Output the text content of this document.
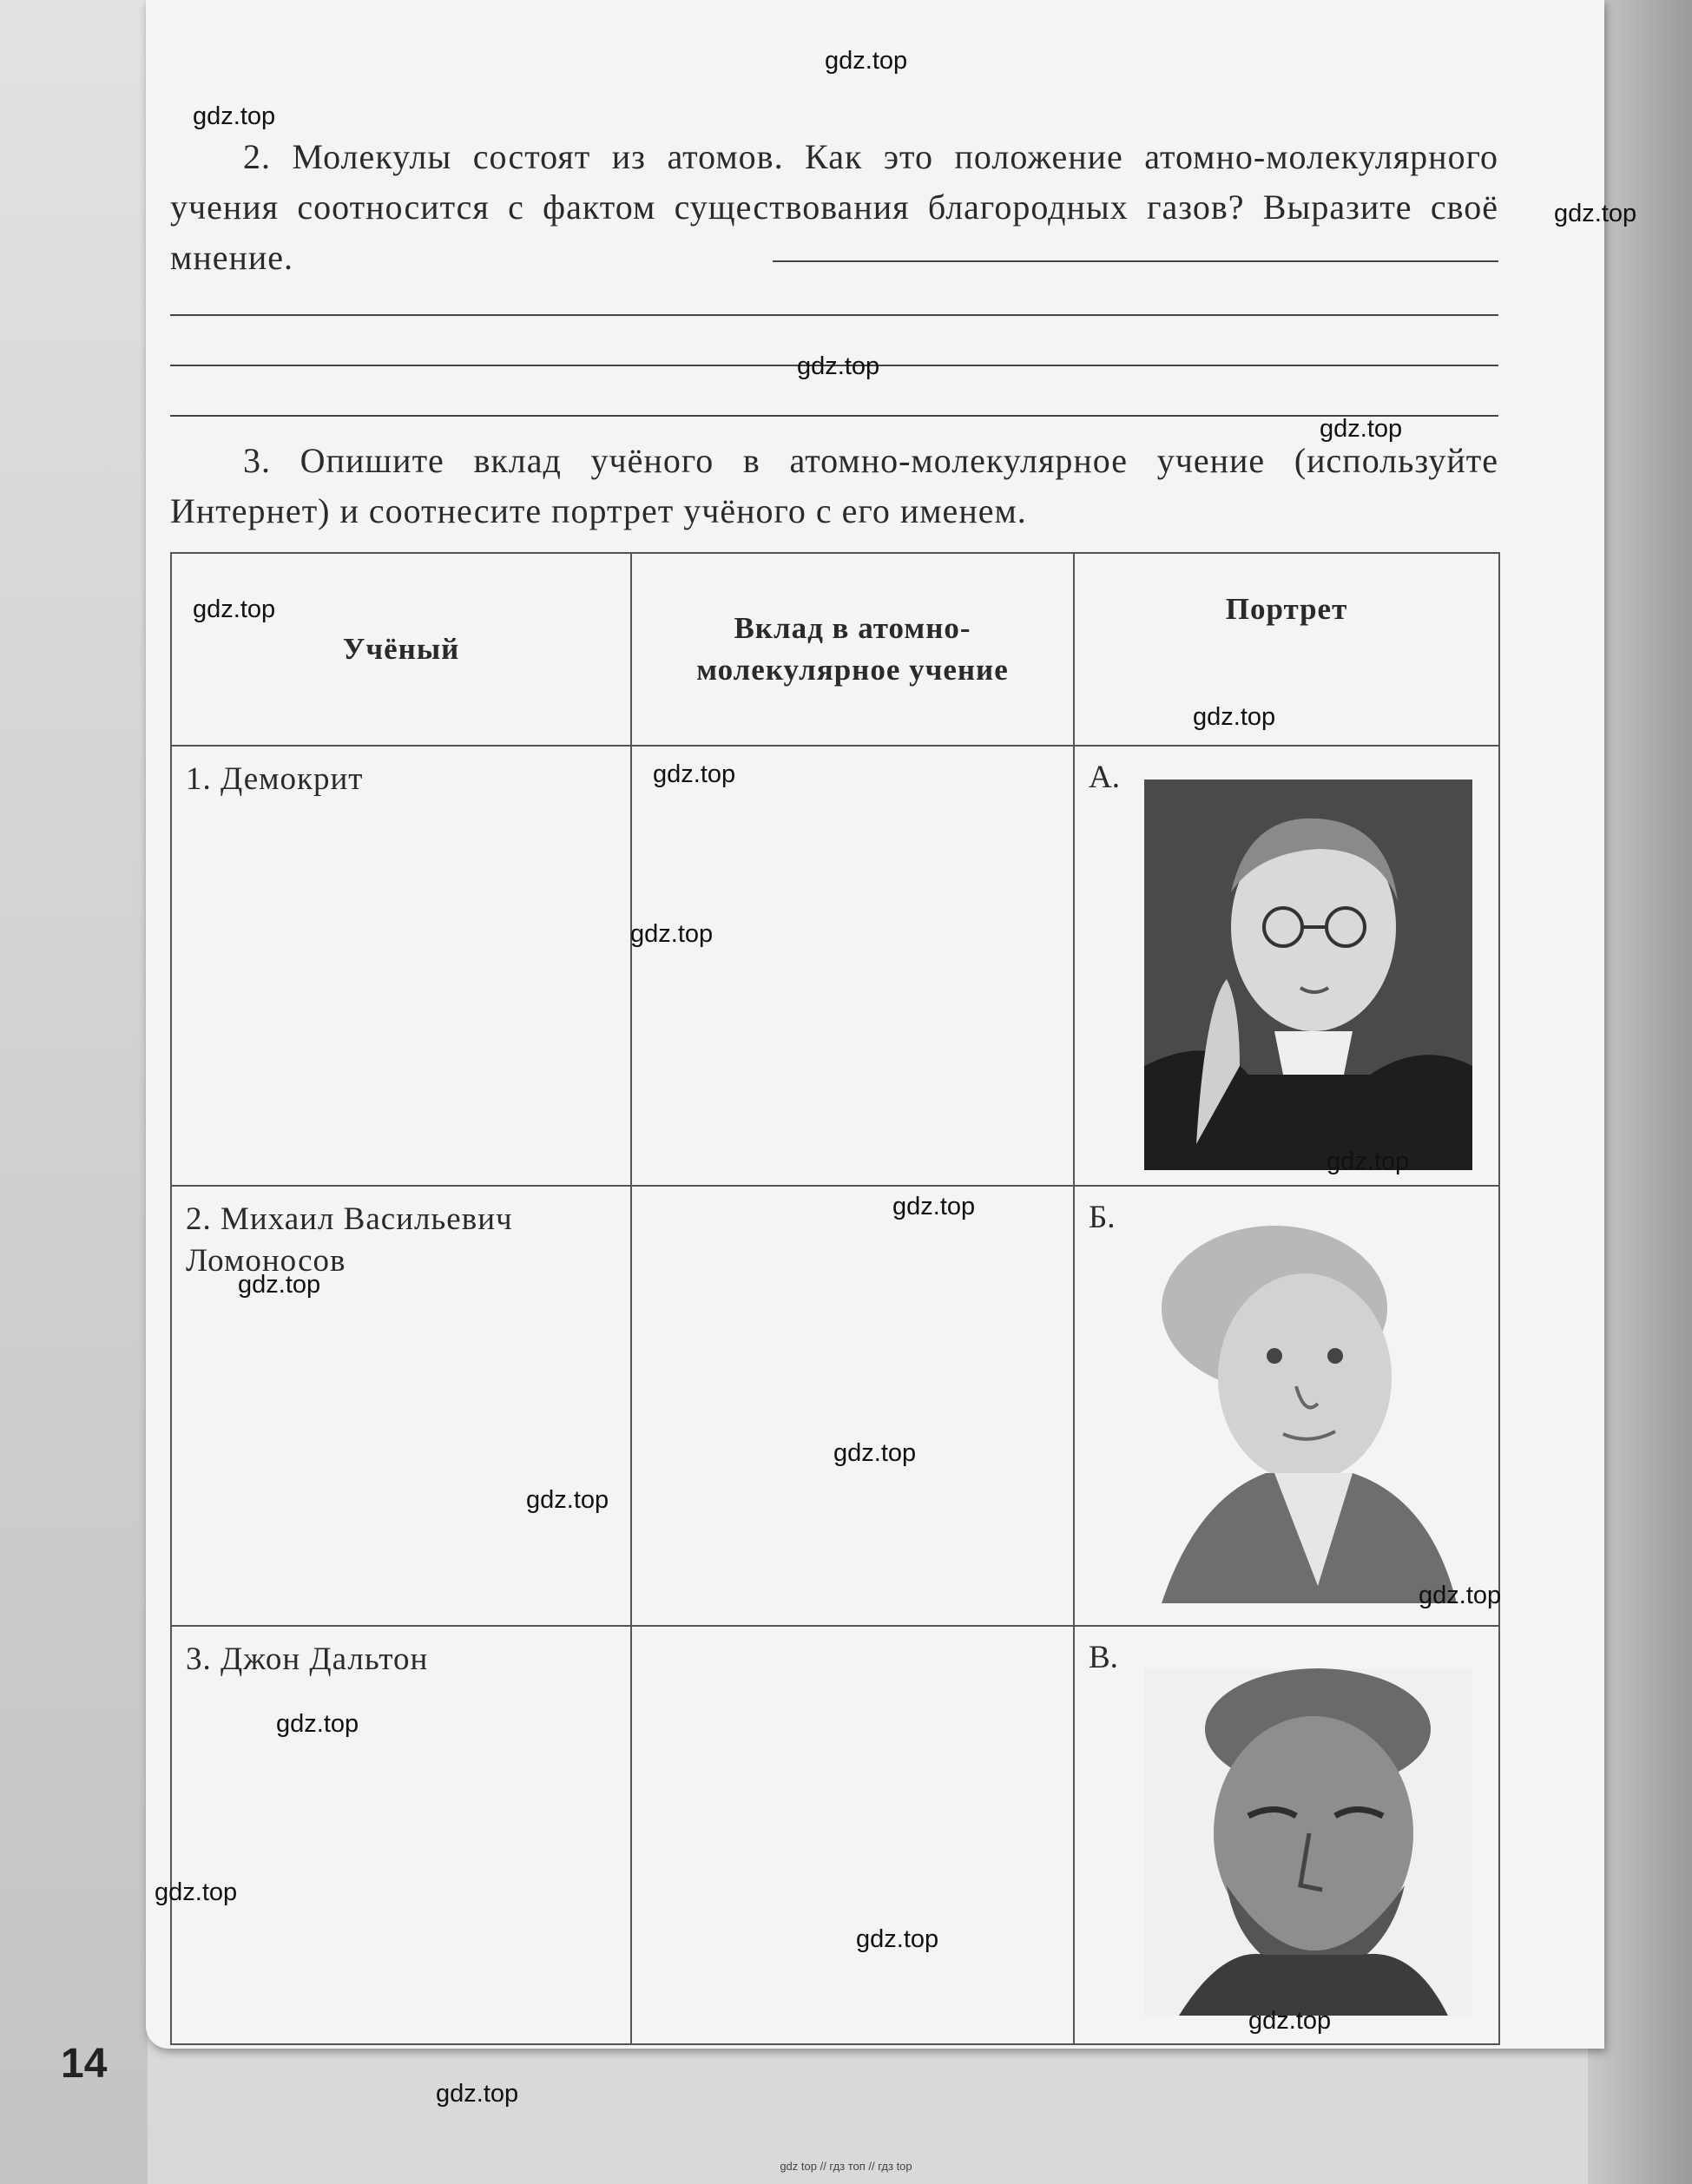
2. Молекулы состоят из атомов. Как это положение атомно-молекулярного учения соотносится с фактом существования благородных газов? Выразите своё мнение.
3. Опишите вклад учёного в атомно-молекулярное учение (используйте Интернет) и соотнесите портрет учёного с его именем.
Учёный	Вклад в атомно-молекулярное учение	Портрет

1. Демокрит		А.

2. Михаил Васильевич Ломоносов		Б.

3. Джон Дальтон		В.
14
gdz.top
gdz.top
gdz.top
gdz.top
gdz.top
gdz.top
gdz.top
gdz.top
gdz.top
gdz.top
gdz.top
gdz.top
gdz.top
gdz.top
gdz.top
gdz.top
gdz.top
gdz.top
gdz.top
gdz.top
gdz top // гдз топ // гдз top
